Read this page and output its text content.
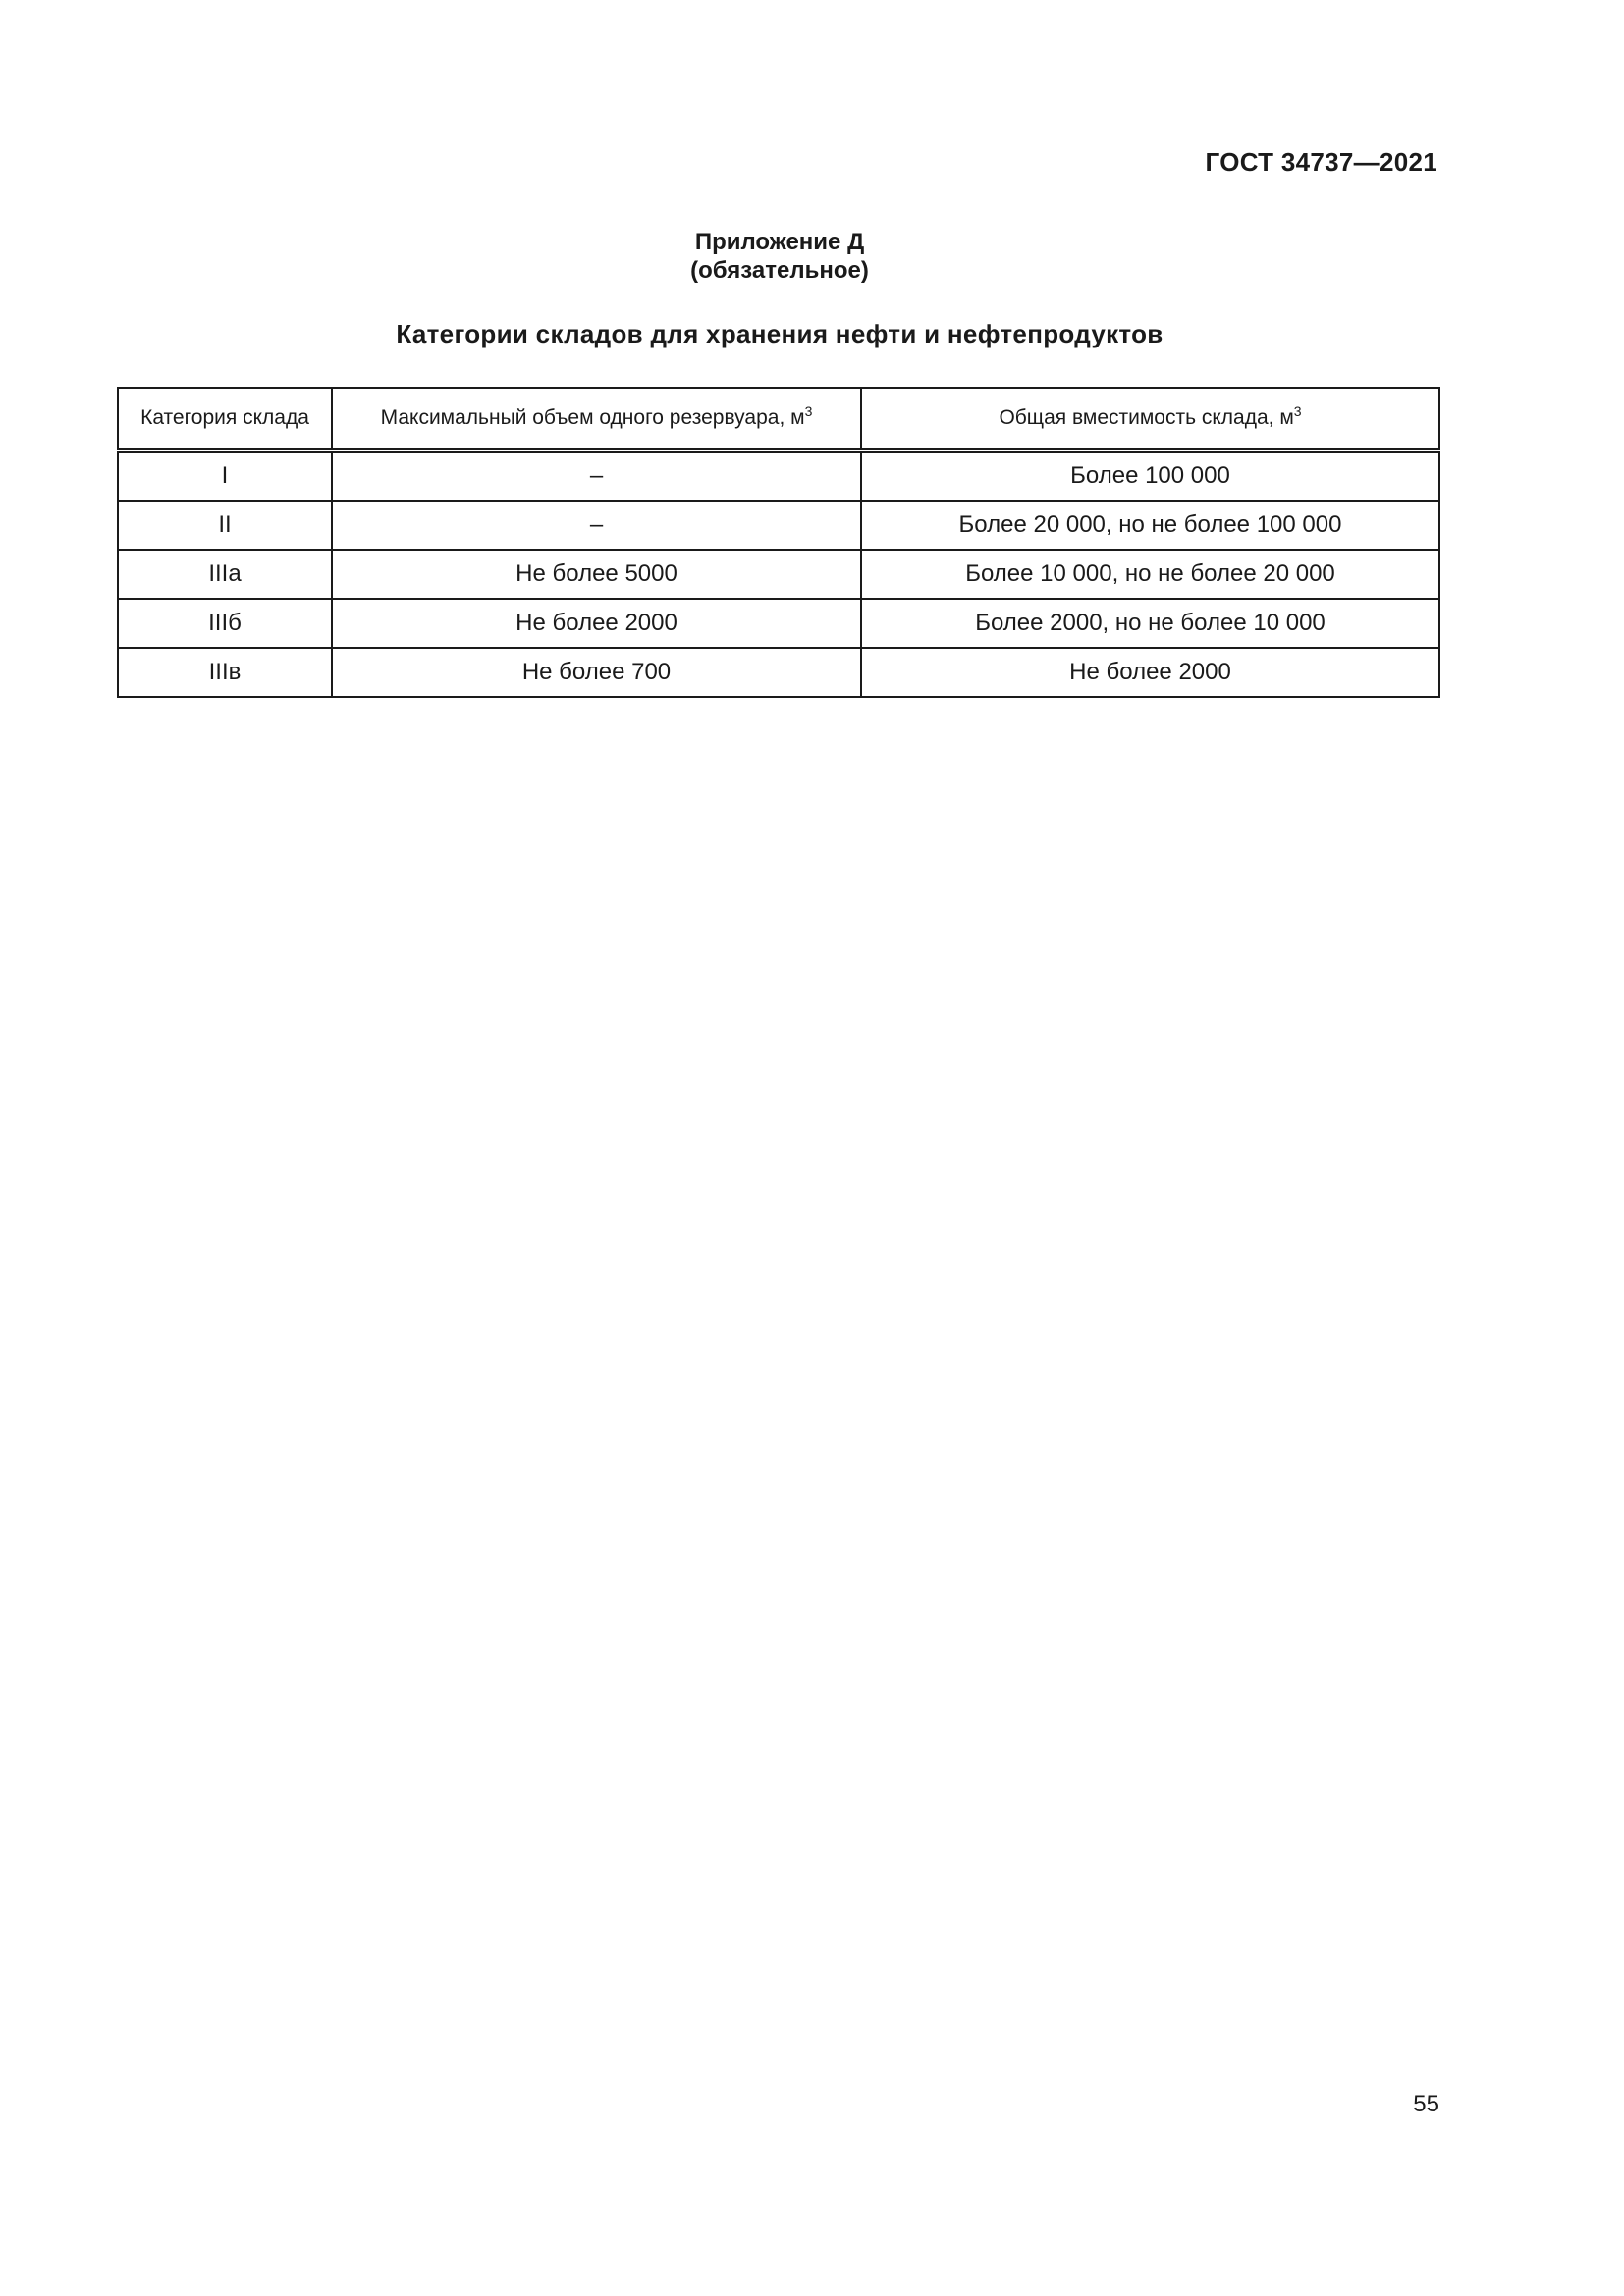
ГОСТ 34737—2021
Приложение Д
(обязательное)
Категории складов для хранения нефти и нефтепродуктов
Категория склада	Максимальный объем одного резервуара, $м^3$	Общая вместимость склада, $м^3$
I	–	Более 100 000
II	–	Более 20 000, но не более 100 000
IIIа	Не более 5000	Более 10 000, но не более 20 000
IIIб	Не более 2000	Более 2000, но не более 10 000
IIIв	Не более 700	Не более 2000
55
